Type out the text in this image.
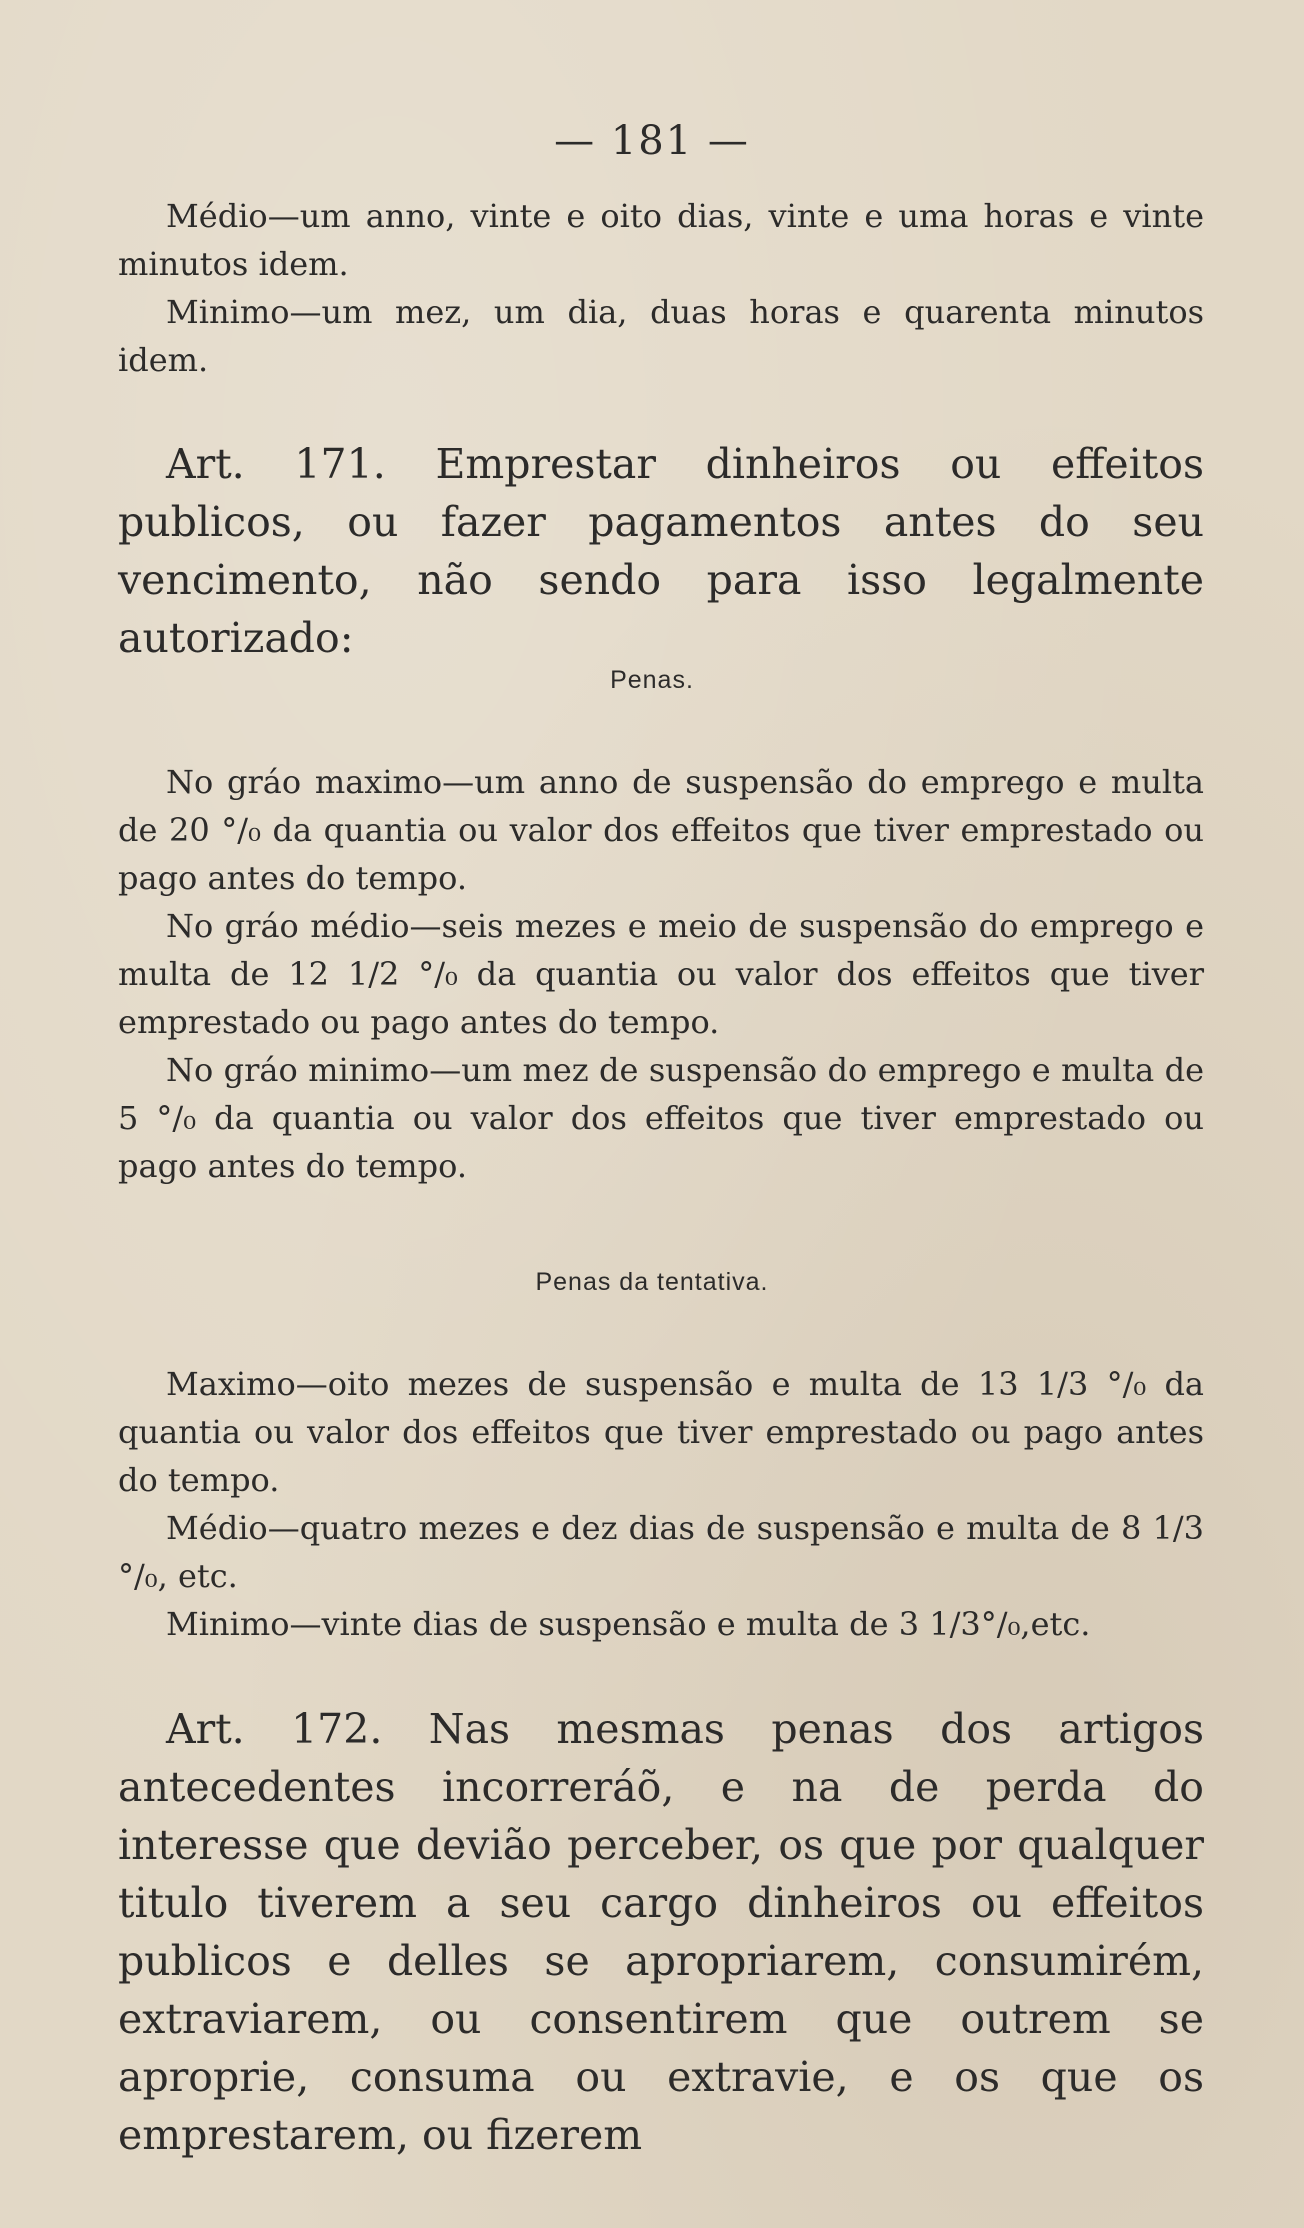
— 181 —

Médio—um anno, vinte e oito dias, vinte e uma horas e vinte minutos idem.

Minimo—um mez, um dia, duas horas e quarenta minutos idem.

Art. 171. Emprestar dinheiros ou effeitos publicos, ou fazer pagamentos antes do seu vencimento, não sendo para isso legalmente autorizado:

Penas.

No gráo maximo—um anno de suspensão do emprego e multa de 20 °/₀ da quantia ou valor dos effeitos que tiver emprestado ou pago antes do tempo.

No gráo médio—seis mezes e meio de suspensão do emprego e multa de 12 1/2 °/₀ da quantia ou valor dos effeitos que tiver emprestado ou pago antes do tempo.

No gráo minimo—um mez de suspensão do emprego e multa de 5 °/₀ da quantia ou valor dos effeitos que tiver emprestado ou pago antes do tempo.

Penas da tentativa.

Maximo—oito mezes de suspensão e multa de 13 1/3 °/₀ da quantia ou valor dos effeitos que tiver emprestado ou pago antes do tempo.

Médio—quatro mezes e dez dias de suspensão e multa de 8 1/3 °/₀, etc.

Minimo—vinte dias de suspensão e multa de 3 1/3°/₀,etc.

Art. 172. Nas mesmas penas dos artigos antecedentes incorreráõ, e na de perda do interesse que devião perceber, os que por qualquer titulo tiverem a seu cargo dinheiros ou effeitos publicos e delles se apropriarem, consumirém, extraviarem, ou consentirem que outrem se aproprie, consuma ou extravie, e os que os emprestarem, ou fizerem
